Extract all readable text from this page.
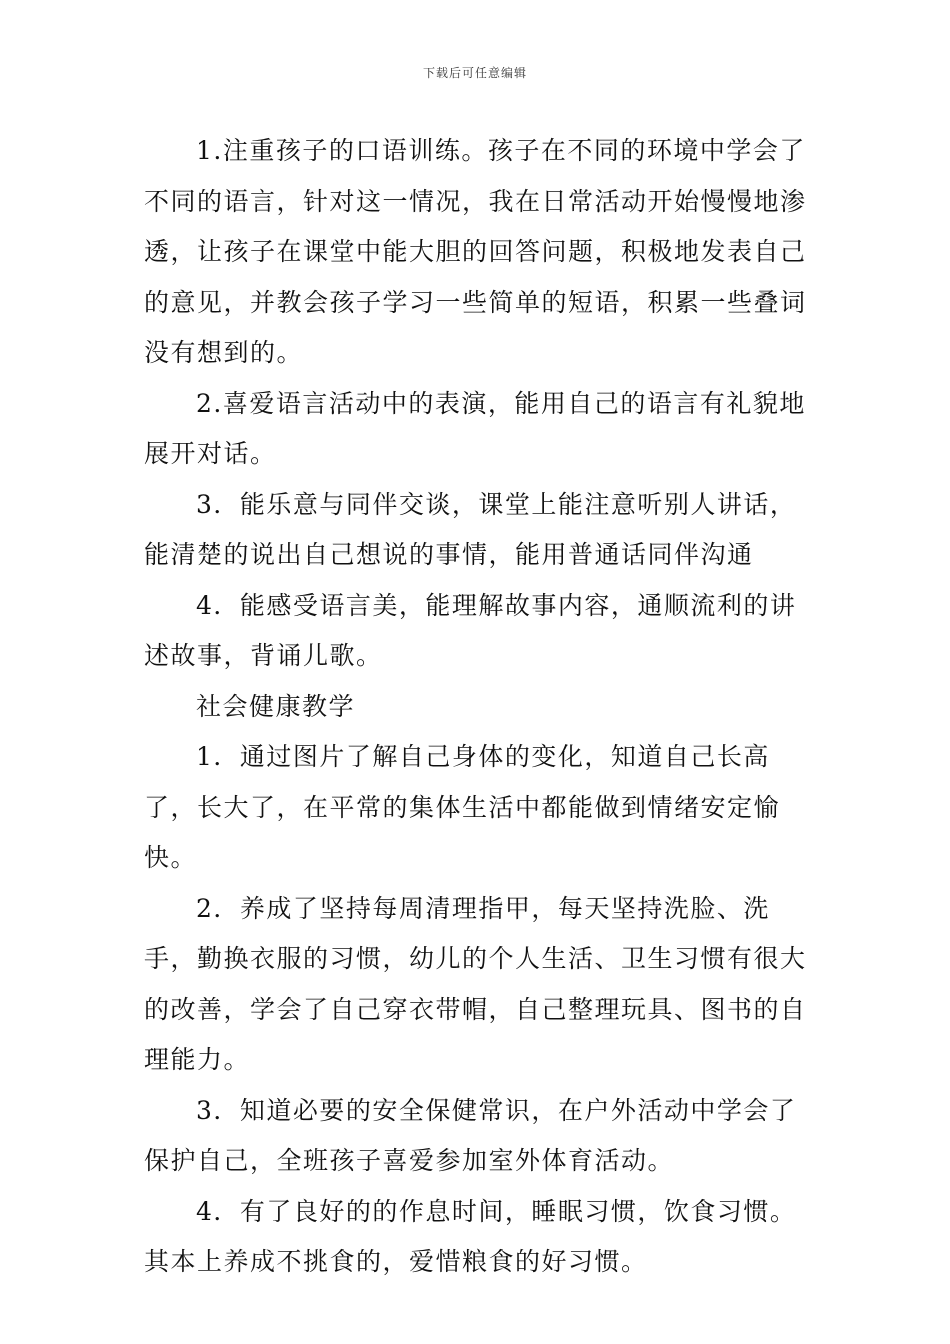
下载后可任意编辑

1.注重孩子的口语训练。孩子在不同的环境中学会了不同的语言，针对这一情况，我在日常活动开始慢慢地渗透，让孩子在课堂中能大胆的回答问题，积极地发表自己的意见，并教会孩子学习一些简单的短语，积累一些叠词没有想到的。

2.喜爱语言活动中的表演，能用自己的语言有礼貌地展开对话。

3．能乐意与同伴交谈，课堂上能注意听别人讲话，能清楚的说出自己想说的事情，能用普通话同伴沟通

4．能感受语言美，能理解故事内容，通顺流利的讲述故事，背诵儿歌。

社会健康教学

1．通过图片了解自己身体的变化，知道自己长高了，长大了，在平常的集体生活中都能做到情绪安定愉快。

2．养成了坚持每周清理指甲，每天坚持洗脸、洗手，勤换衣服的习惯，幼儿的个人生活、卫生习惯有很大的改善，学会了自己穿衣带帽，自己整理玩具、图书的自理能力。

3．知道必要的安全保健常识，在户外活动中学会了保护自己，全班孩子喜爱参加室外体育活动。

4．有了良好的的作息时间，睡眠习惯，饮食习惯。其本上养成不挑食的，爱惜粮食的好习惯。
